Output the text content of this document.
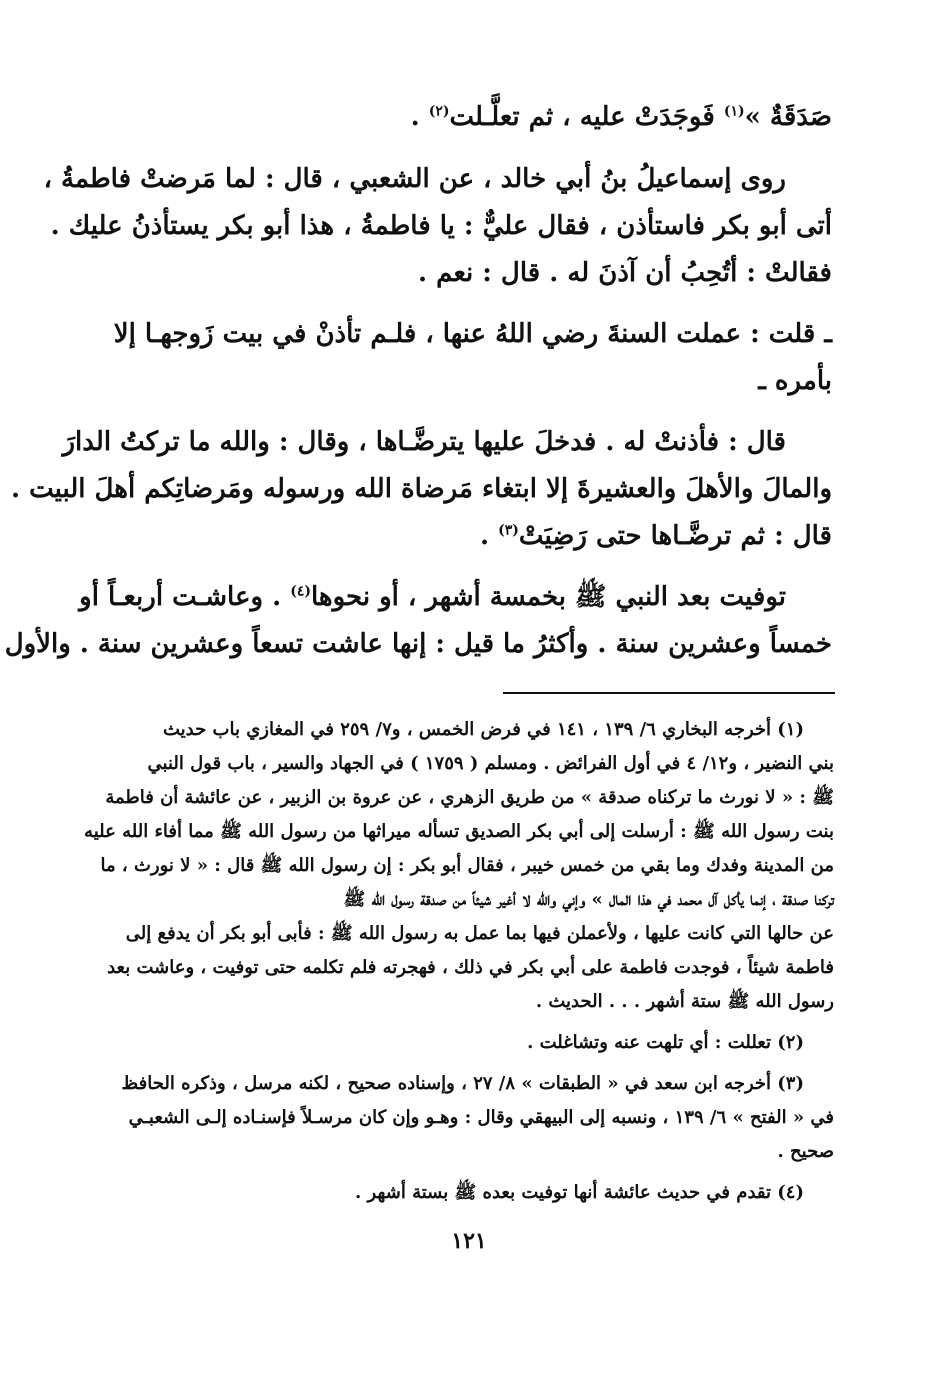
صَدَقَةٌ »$^{(١)}$ فَوجَدَتْ عليه ، ثم تعلَّـلت$^{(٢)}$ .
روى إسماعيلُ بنُ أبي خالد ، عن الشعبي ، قال : لما مَرضتْ فاطمةُ ،
أتى أبو بكر فاستأذن ، فقال عليٌّ : يا فاطمةُ ، هذا أبو بكر يستأذنُ عليك .
فقالتْ : أتُحِبُ أن آذنَ له . قال : نعم .
ـ قلت : عملت السنةَ رضي اللهُ عنها ، فلـم تأذنْ في بيت زَوجهـا إلا
بأمره ـ
قال : فأذنتْ له . فدخلَ عليها يترضَّـاها ، وقال : والله ما تركتُ الدارَ
والمالَ والأهلَ والعشيرةَ إلا ابتغاء مَرضاة الله ورسوله ومَرضاتِكم أهلَ البيت .
قال : ثم ترضَّـاها حتى رَضِيَتْ$^{(٣)}$ .
توفيت بعد النبي ﷺ بخمسة أشهر ، أو نحوها$^{(٤)}$ . وعاشـت أربعـاً أو
خمساً وعشرين سنة . وأكثرُ ما قيل : إنها عاشت تسعاً وعشرين سنة . والأول
(١) أخرجه البخاري ٦/ ١٣٩ ، ١٤١ في فرض الخمس ، و٧/ ٢٥٩ في المغازي باب حديث
بني النضير ، و١٢/ ٤ في أول الفرائض . ومسلم ( ١٧٥٩ ) في الجهاد والسير ، باب قول النبي
ﷺ : « لا نورث ما تركناه صدقة » من طريق الزهري ، عن عروة بن الزبير ، عن عائشة أن فاطمة
بنت رسول الله ﷺ : أرسلت إلى أبي بكر الصديق تسأله ميراثها من رسول الله ﷺ مما أفاء الله عليه
من المدينة وفدك وما بقي من خمس خيبر ، فقال أبو بكر : إن رسول الله ﷺ قال : « لا نورث ، ما
تركنا صدقة ، إنما يأكل آل محمد في هذا المال » وإني والله لا أغير شيئاً من صدقة رسول الله ﷺ
عن حالها التي كانت عليها ، ولأعملن فيها بما عمل به رسول الله ﷺ : فأبى أبو بكر أن يدفع إلى
فاطمة شيئاً ، فوجدت فاطمة على أبي بكر في ذلك ، فهجرته فلم تكلمه حتى توفيت ، وعاشت بعد
رسول الله ﷺ ستة أشهر . . . الحديث .
(٢) تعللت : أي تلهت عنه وتشاغلت .
(٣) أخرجه ابن سعد في « الطبقات » ٨/ ٢٧ ، وإسناده صحيح ، لكنه مرسل ، وذكره الحافظ
في « الفتح » ٦/ ١٣٩ ، ونسبه إلى البيهقي وقال : وهـو وإن كان مرسـلاً فإسنـاده إلـى الشعبـي
صحيح .
(٤) تقدم في حديث عائشة أنها توفيت بعده ﷺ بستة أشهر .
١٢١
